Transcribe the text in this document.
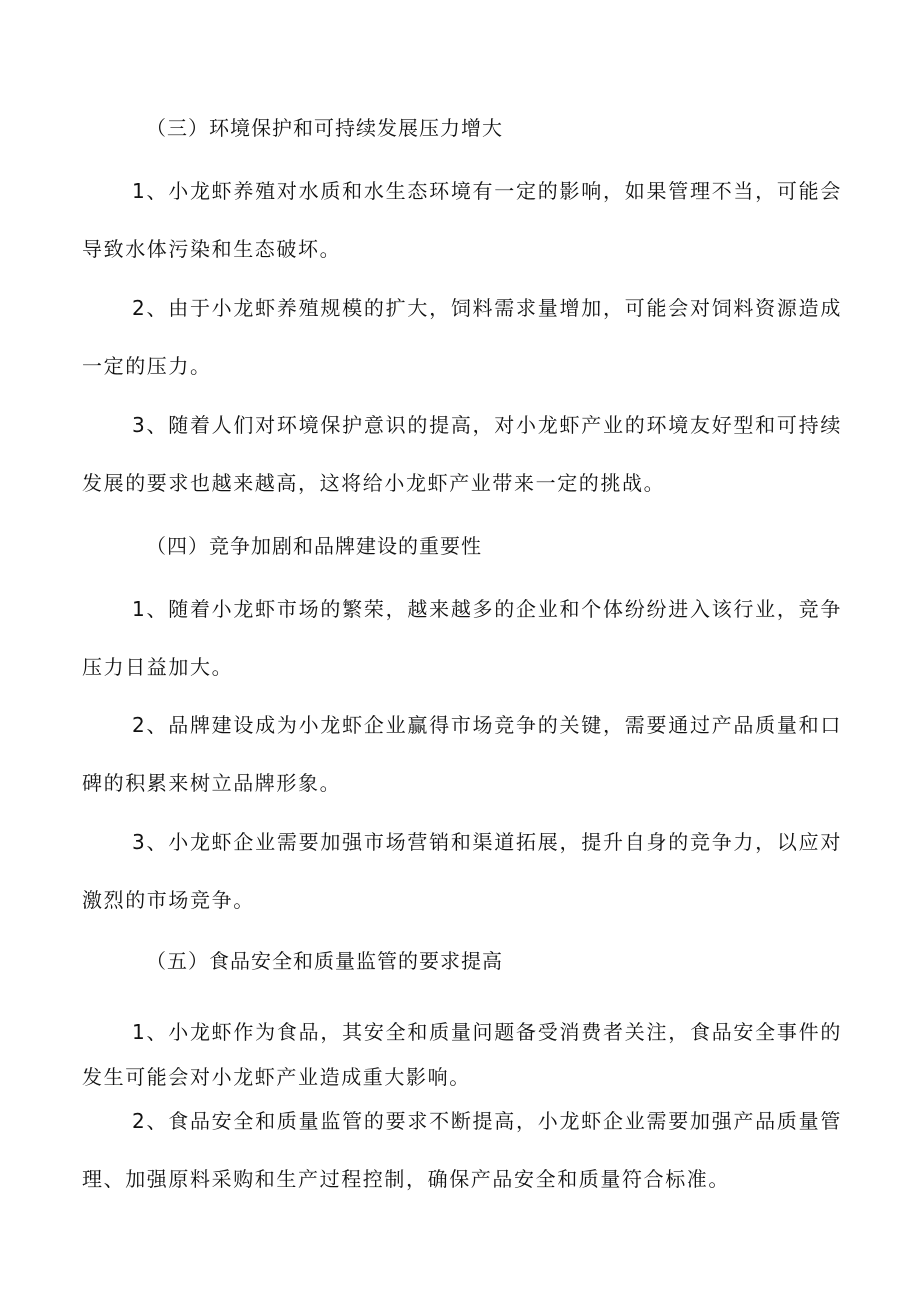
（三）环境保护和可持续发展压力增大

1、小龙虾养殖对水质和水生态环境有一定的影响，如果管理不当，可能会导致水体污染和生态破坏。

2、由于小龙虾养殖规模的扩大，饲料需求量增加，可能会对饲料资源造成一定的压力。

3、随着人们对环境保护意识的提高，对小龙虾产业的环境友好型和可持续发展的要求也越来越高，这将给小龙虾产业带来一定的挑战。

（四）竞争加剧和品牌建设的重要性

1、随着小龙虾市场的繁荣，越来越多的企业和个体纷纷进入该行业，竞争压力日益加大。

2、品牌建设成为小龙虾企业赢得市场竞争的关键，需要通过产品质量和口碑的积累来树立品牌形象。

3、小龙虾企业需要加强市场营销和渠道拓展，提升自身的竞争力，以应对激烈的市场竞争。

（五）食品安全和质量监管的要求提高

1、小龙虾作为食品，其安全和质量问题备受消费者关注，食品安全事件的发生可能会对小龙虾产业造成重大影响。

2、食品安全和质量监管的要求不断提高，小龙虾企业需要加强产品质量管理、加强原料采购和生产过程控制，确保产品安全和质量符合标准。
